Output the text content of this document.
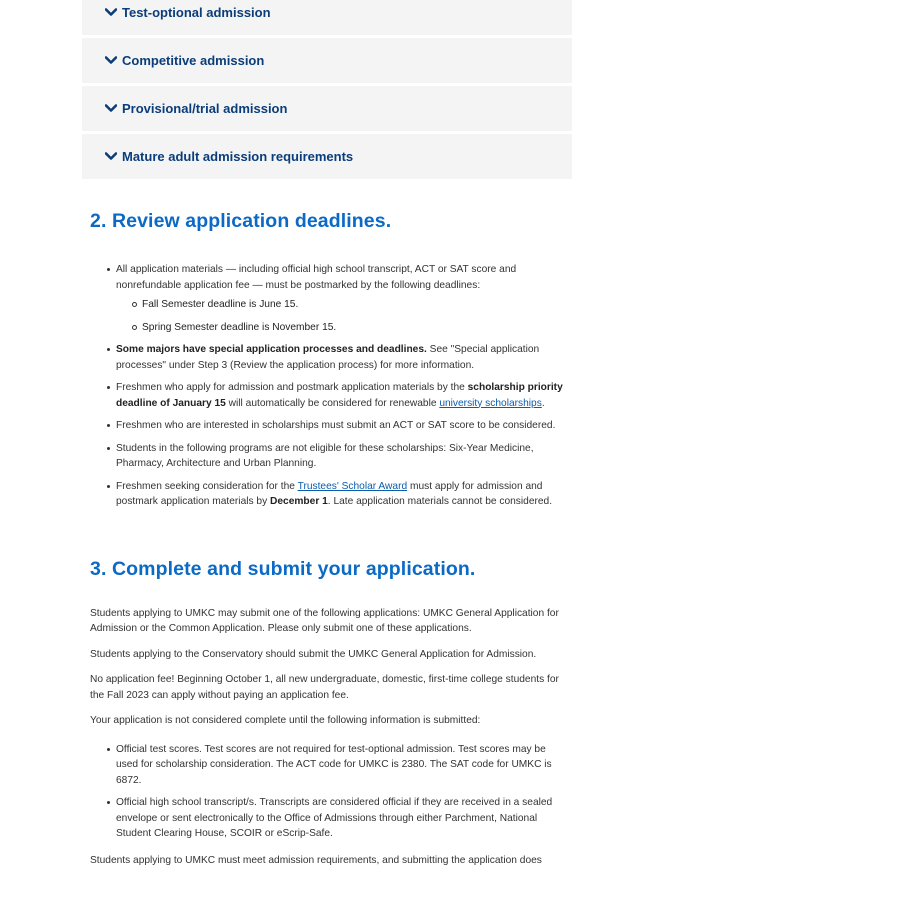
Test-optional admission
Competitive admission
Provisional/trial admission
Mature adult admission requirements
2. Review application deadlines.
All application materials — including official high school transcript, ACT or SAT score and nonrefundable application fee — must be postmarked by the following deadlines:
Fall Semester deadline is June 15.
Spring Semester deadline is November 15.
Some majors have special application processes and deadlines. See "Special application processes" under Step 3 (Review the application process) for more information.
Freshmen who apply for admission and postmark application materials by the scholarship priority deadline of January 15 will automatically be considered for renewable university scholarships.
Freshmen who are interested in scholarships must submit an ACT or SAT score to be considered.
Students in the following programs are not eligible for these scholarships: Six-Year Medicine, Pharmacy, Architecture and Urban Planning.
Freshmen seeking consideration for the Trustees' Scholar Award must apply for admission and postmark application materials by December 1. Late application materials cannot be considered.
3. Complete and submit your application.

Students applying to UMKC may submit one of the following applications: UMKC General Application for Admission or the Common Application. Please only submit one of these applications.

Students applying to the Conservatory should submit the UMKC General Application for Admission.

No application fee! Beginning October 1, all new undergraduate, domestic, first-time college students for the Fall 2023 can apply without paying an application fee.

Your application is not considered complete until the following information is submitted:

Official test scores. Test scores are not required for test-optional admission. Test scores may be used for scholarship consideration. The ACT code for UMKC is 2380. The SAT code for UMKC is 6872.
Official high school transcript/s. Transcripts are considered official if they are received in a sealed envelope or sent electronically to the Office of Admissions through either Parchment, National Student Clearing House, SCOIR or eScrip-Safe.

Students applying to UMKC must meet admission requirements, and submitting the application does
